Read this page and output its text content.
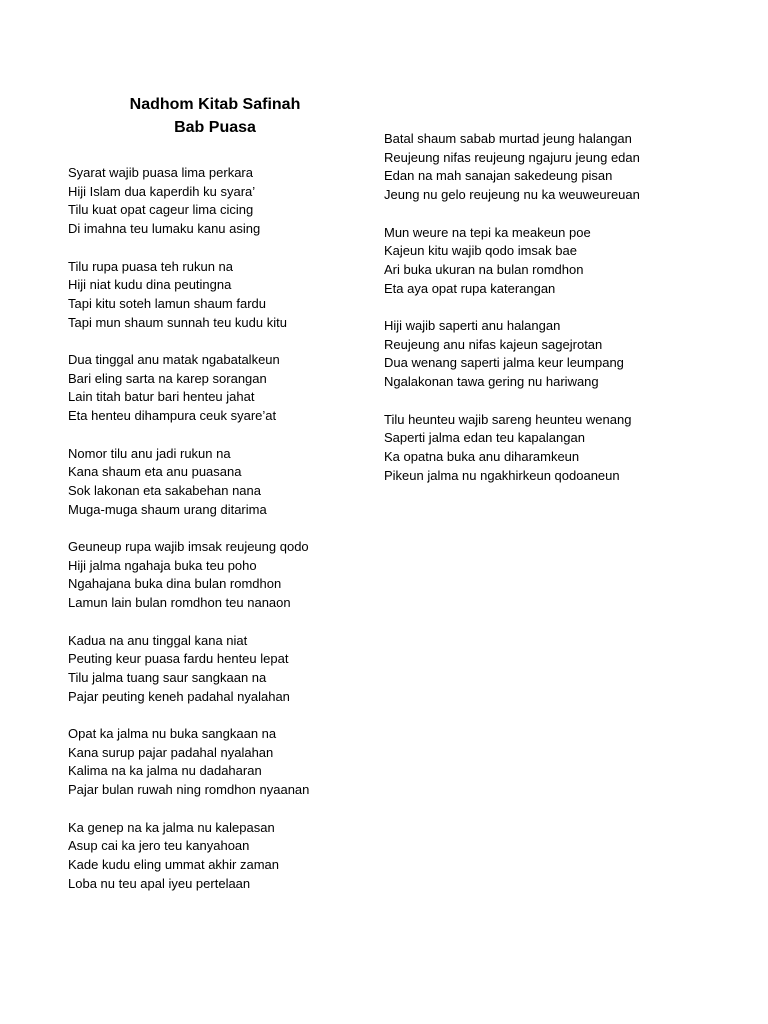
Nadhom Kitab Safinah
Bab Puasa
Syarat wajib puasa lima perkara
Hiji Islam dua kaperdih ku syara’
Tilu kuat opat cageur lima cicing
Di imahna teu lumaku kanu asing
Tilu rupa puasa teh rukun na
Hiji niat kudu dina peutingna
Tapi kitu soteh lamun shaum fardu
Tapi mun shaum sunnah teu kudu kitu
Dua tinggal anu matak ngabatalkeun
Bari eling sarta na karep sorangan
Lain titah batur bari henteu jahat
Eta henteu dihampura ceuk syare’at
Nomor tilu anu jadi rukun na
Kana shaum eta anu puasana
Sok lakonan eta sakabehan nana
Muga-muga shaum urang ditarima
Geuneup rupa wajib imsak reujeung qodo
Hiji jalma ngahaja buka teu poho
Ngahajana buka dina bulan romdhon
Lamun lain bulan romdhon teu nanaon
Kadua na anu tinggal kana niat
Peuting keur puasa fardu henteu lepat
Tilu jalma tuang saur sangkaan na
Pajar peuting keneh padahal nyalahan
Opat ka jalma nu buka sangkaan na
Kana surup pajar padahal nyalahan
Kalima na ka jalma nu dadaharan
Pajar bulan ruwah ning romdhon nyaanan
Ka genep na ka jalma nu kalepasan
Asup cai ka jero teu kanyahoan
Kade kudu eling ummat akhir zaman
Loba nu teu apal iyeu pertelaan
Batal shaum sabab murtad jeung halangan
Reujeung nifas reujeung ngajuru jeung edan
Edan na mah sanajan sakedeung pisan
Jeung nu gelo reujeung nu ka weuweureuan
Mun weure na tepi ka meakeun poe
Kajeun kitu wajib qodo imsak bae
Ari buka ukuran na bulan romdhon
Eta aya opat rupa katerangan
Hiji wajib saperti anu halangan
Reujeung anu nifas kajeun sagejrotan
Dua wenang saperti jalma keur leumpang
Ngalakonan tawa gering nu hariwang
Tilu heunteu wajib sareng heunteu wenang
Saperti jalma edan teu kapalangan
Ka opatna buka anu diharamkeun
Pikeun jalma nu ngakhirkeun qodoaneun
